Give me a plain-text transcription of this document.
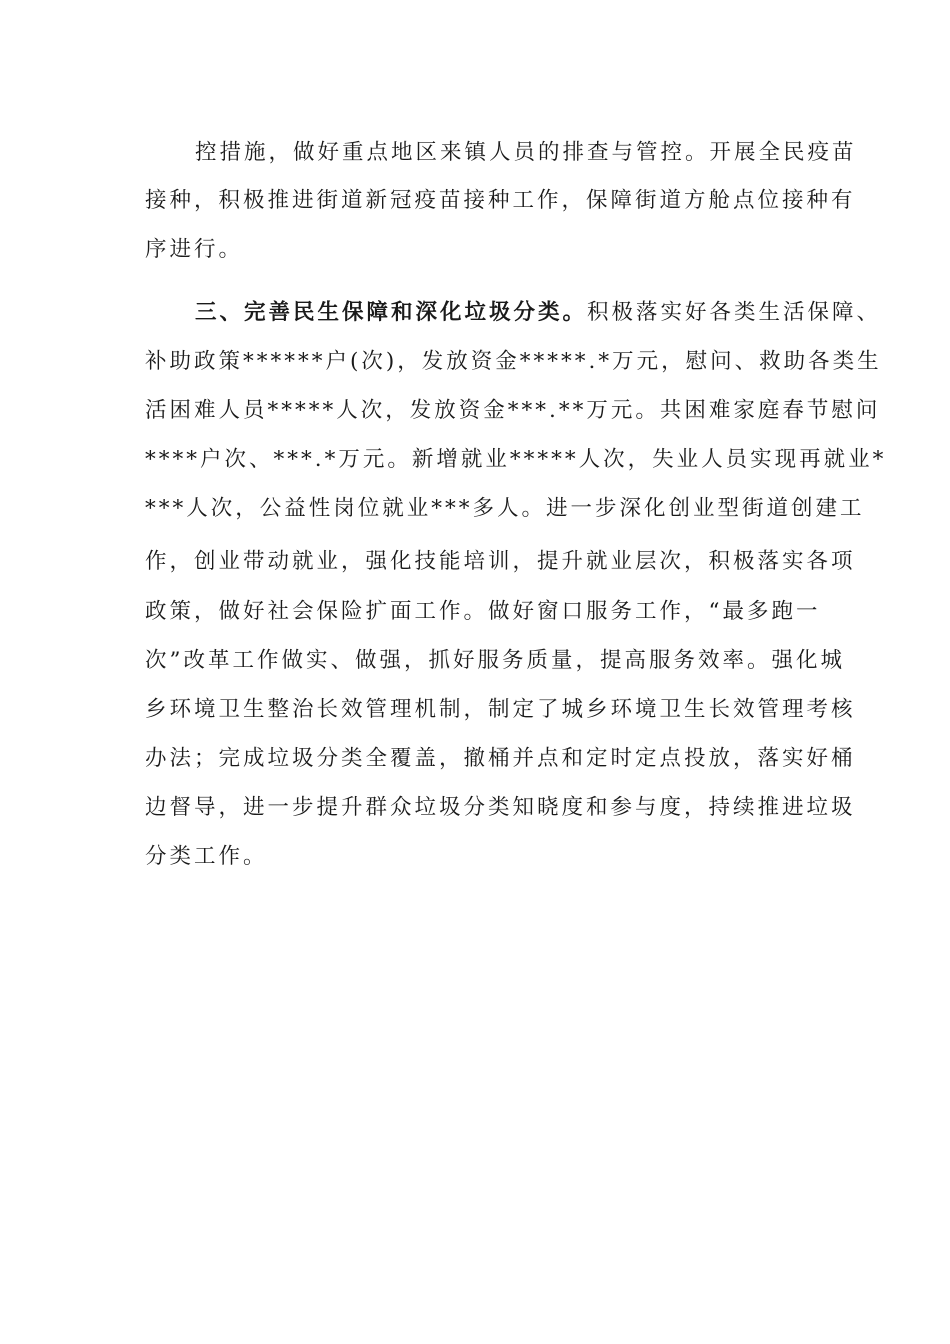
控措施，做好重点地区来镇人员的排查与管控。开展全民疫苗
接种，积极推进街道新冠疫苗接种工作，保障街道方舱点位接种有
序进行。
三、完善民生保障和深化垃圾分类。积极落实好各类生活保障、
补助政策******户(次)，发放资金*****.*万元，慰问、救助各类生
活困难人员*****人次，发放资金***.**万元。共困难家庭春节慰问
****户次、***.*万元。新增就业*****人次，失业人员实现再就业*
***人次，公益性岗位就业***多人。进一步深化创业型街道创建工
作，创业带动就业，强化技能培训，提升就业层次，积极落实各项
政策，做好社会保险扩面工作。做好窗口服务工作，“最多跑一
次”改革工作做实、做强，抓好服务质量，提高服务效率。强化城
乡环境卫生整治长效管理机制，制定了城乡环境卫生长效管理考核
办法；完成垃圾分类全覆盖，撤桶并点和定时定点投放，落实好桶
边督导，进一步提升群众垃圾分类知晓度和参与度，持续推进垃圾
分类工作。
